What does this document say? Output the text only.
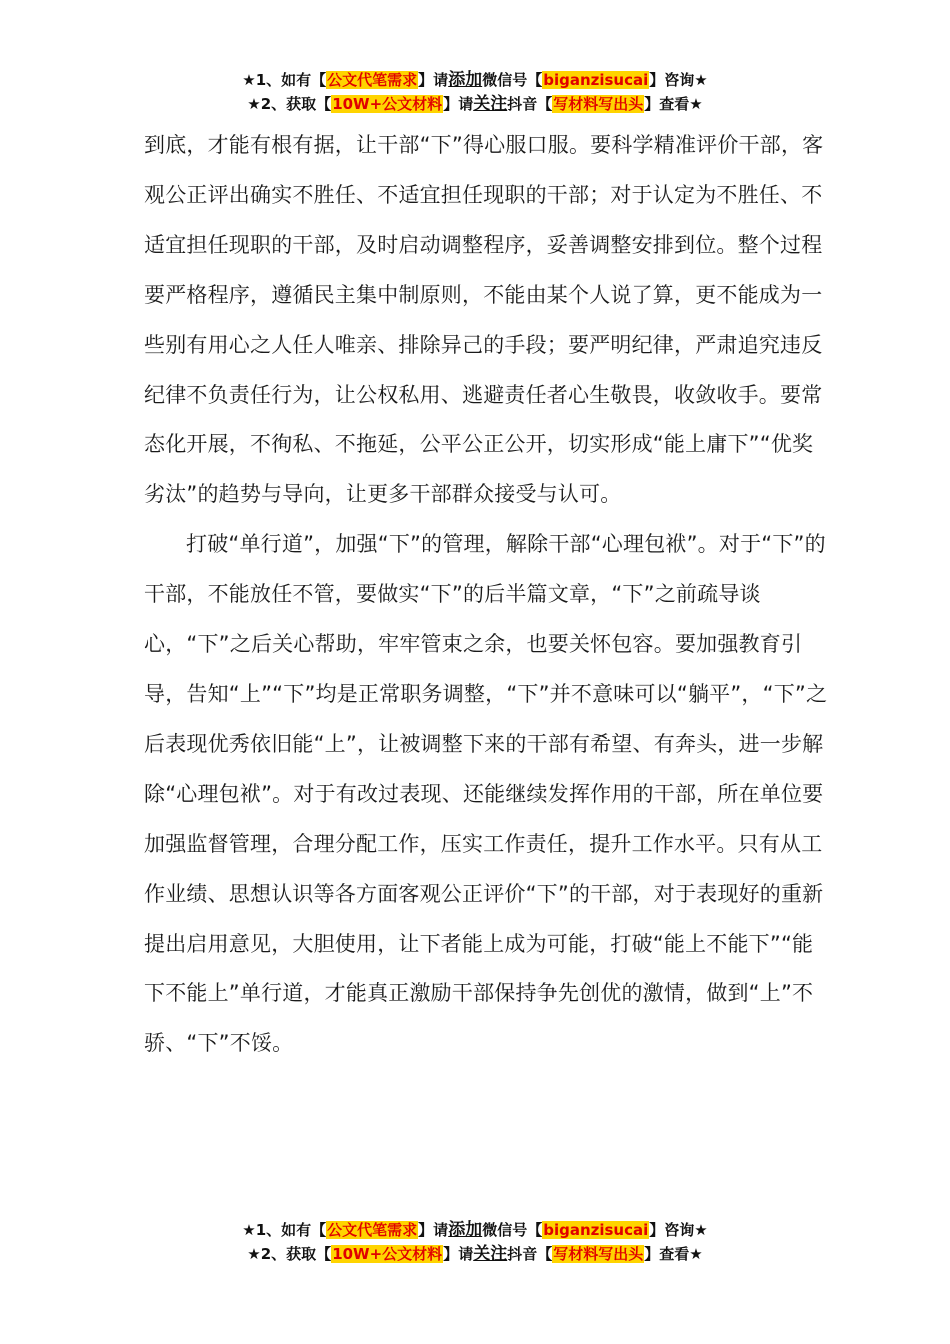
★1、如有【公文代笔需求】请添加微信号【biganzisucai】咨询★
★2、获取【10W+公文材料】请关注抖音【写材料写出头】查看★

到底，才能有根有据，让干部“下”得心服口服。要科学精准评价干部，客观公正评出确实不胜任、不适宜担任现职的干部；对于认定为不胜任、不适宜担任现职的干部，及时启动调整程序，妥善调整安排到位。整个过程要严格程序，遵循民主集中制原则，不能由某个人说了算，更不能成为一些别有用心之人任人唯亲、排除异己的手段；要严明纪律，严肃追究违反纪律不负责任行为，让公权私用、逃避责任者心生敬畏，收敛收手。要常态化开展，不徇私、不拖延，公平公正公开，切实形成“能上庸下”“优奖劣汰”的趋势与导向，让更多干部群众接受与认可。

打破“单行道”，加强“下”的管理，解除干部“心理包袱”。对于“下”的干部，不能放任不管，要做实“下”的后半篇文章，“下”之前疏导谈心，“下”之后关心帮助，牢牢管束之余，也要关怀包容。要加强教育引导，告知“上”“下”均是正常职务调整，“下”并不意味可以“躺平”，“下”之后表现优秀依旧能“上”，让被调整下来的干部有希望、有奔头，进一步解除“心理包袱”。对于有改过表现、还能继续发挥作用的干部，所在单位要加强监督管理，合理分配工作，压实工作责任，提升工作水平。只有从工作业绩、思想认识等各方面客观公正评价“下”的干部，对于表现好的重新提出启用意见，大胆使用，让下者能上成为可能，打破“能上不能下”“能下不能上”单行道，才能真正激励干部保持争先创优的激情，做到“上”不骄、“下”不馁。

★1、如有【公文代笔需求】请添加微信号【biganzisucai】咨询★
★2、获取【10W+公文材料】请关注抖音【写材料写出头】查看★
